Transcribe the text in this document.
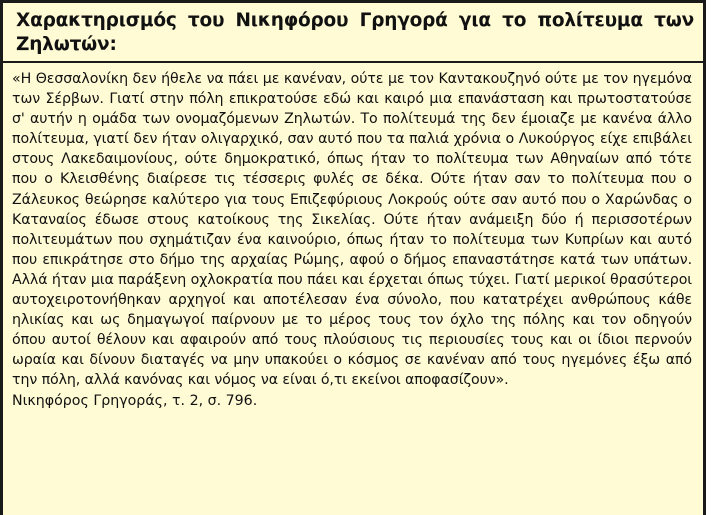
Χαρακτηρισμός του Νικηφόρου Γρηγορά για το πολίτευμα των Ζηλωτών:

«Η Θεσσαλονίκη δεν ήθελε να πάει με κανέναν, ούτε με τον Καντακουζηνό ούτε με τον ηγεμόνα των Σέρβων. Γιατί στην πόλη επικρατούσε εδώ και καιρό μια επανάσταση και πρωτοστατούσε σ' αυτήν η ομάδα των ονομαζόμενων Ζηλωτών. Το πολίτευμά της δεν έμοιαζε με κανένα άλλο πολίτευμα, γιατί δεν ήταν ολιγαρχικό, σαν αυτό που τα παλιά χρόνια ο Λυκούργος είχε επιβάλει στους Λακεδαιμονίους, ούτε δημοκρατικό, όπως ήταν το πολίτευμα των Αθηναίων από τότε που ο Κλεισθένης διαίρεσε τις τέσσερις φυλές σε δέκα. Ούτε ήταν σαν το πολίτευμα που ο Ζάλευκος θεώρησε καλύτερο για τους Επιζεφύριους Λοκρούς ούτε σαν αυτό που ο Χαρώνδας ο Καταναίος έδωσε στους κατοίκους της Σικελίας. Ούτε ήταν ανάμειξη δύο ή περισσοτέρων πολιτευμάτων που σχημάτιζαν ένα καινούριο, όπως ήταν το πολίτευμα των Κυπρίων και αυτό που επικράτησε στο δήμο της αρχαίας Ρώμης, αφού ο δήμος επαναστάτησε κατά των υπάτων. Αλλά ήταν μια παράξενη οχλοκρατία που πάει και έρχεται όπως τύχει. Γιατί μερικοί θρασύτεροι αυτοχειροτονήθηκαν αρχηγοί και αποτέλεσαν ένα σύνολο, που κατατρέχει ανθρώπους κάθε ηλικίας και ως δημαγωγοί παίρνουν με το μέρος τους τον όχλο της πόλης και τον οδηγούν όπου αυτοί θέλουν και αφαιρούν από τους πλούσιους τις περιουσίες τους και οι ίδιοι περνούν ωραία και δίνουν διαταγές να μην υπακούει ο κόσμος σε κανέναν από τους ηγεμόνες έξω από την πόλη, αλλά κανόνας και νόμος να είναι ό,τι εκείνοι αποφασίζουν».

Νικηφόρος Γρηγοράς, τ. 2, σ. 796.
